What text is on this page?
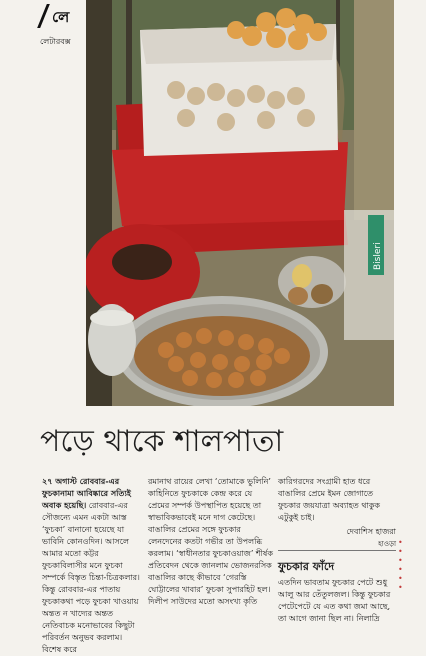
লে
লেটারবক্স
Bisleri
পড়ে থাকে শালপাতা

২৭ অগাস্ট রোববার-এর ফুচকানামা আবিষ্কারে সত্যিই অবাক হয়েছি। রোববার-এর সৌজন্যে এমন একটা আস্ত ‘ফুচকা’ বানানো হয়েছে যা ভাবিনি কোনওদিন। আসলে আমার মতো কট্টর ফুচকাবিলাসীর মনে ফুচকা সম্পর্কে বিস্তৃত চিন্তা-চিত্রকলার। কিন্তু রোববার-এর পাতায় ফুচকাকথা পড়ে ফুচকা খাওয়ায় অন্তত ন খাদ্যের অন্তত নেতিবাচক মনোভাবের কিছুটা পরিবর্তন অনুভব করলাম। বিশেষ করে

রমানাথ রায়ের লেখা ‘তোমাকে ভুলিনি’ কাহিনিতে ফুচকাকে কেন্দ্র করে যে প্রেমের সম্পর্ক উপস্থাপিত হয়েছে তা স্বাভাবিকভাবেই মনে দাগ কেটেছে। বাঙালির প্রেমের সঙ্গে ফুচকার লেনদেনের কতটা গভীর তা উপলব্ধি করলাম। ‘স্বাধীনতার ফুচকাওয়াজ’ শীর্ষক প্রতিবেদন থেকে জানলাম ভোজনরসিক বাঙালির কাছে কীভাবে ‘গেরস্তি ঘোট্টালের খাবার’ ফুচকা সুপারহিট হল। দিলীপ সাউদের মতো অসংখ্য কৃতি

কারিগরদের সংগ্রামী হাত ধরে বাঙালির প্রেমে ইমন জোগাতে ফুচকার জয়যাত্রা অব্যাহত থাকুক এটুকুই চাই।

দেবাশিস হাজরা
হাওড়া
ফুচকার ফাঁদে

এতদিন ভাবতাম ফুচকার পেটে শুধু আলু আর তেঁতুলজল। কিন্তু ফুচকার পেটেপেটে যে এত কথা জমা আছে, তা আগে জানা ছিল না। নিলাদ্রি

•
•
•
•
•
•
